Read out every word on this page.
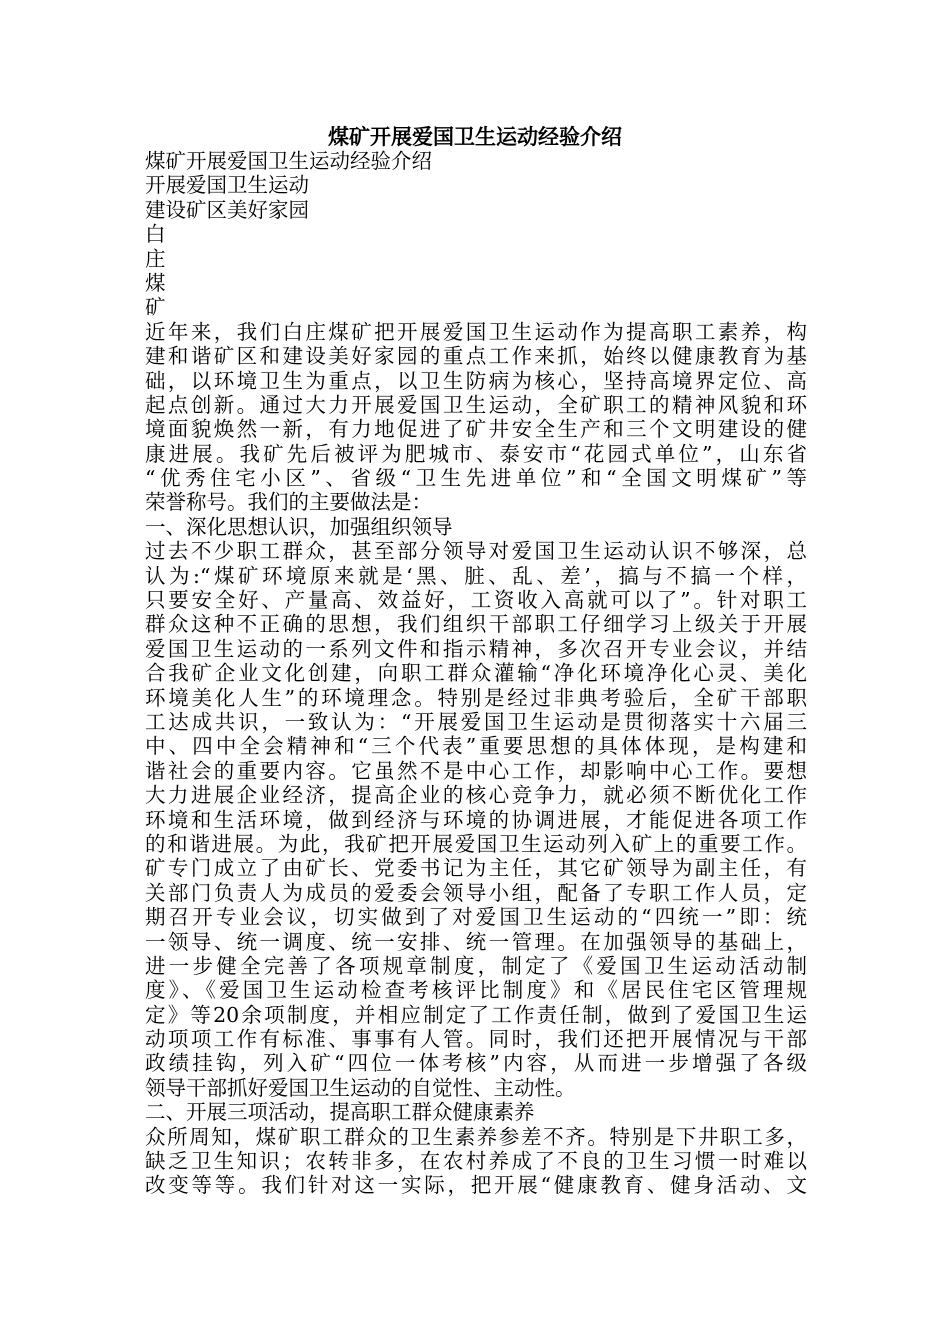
煤矿开展爱国卫生运动经验介绍
煤矿开展爱国卫生运动经验介绍
开展爱国卫生运动
建设矿区美好家园
白
庄
煤
矿
近年来，我们白庄煤矿把开展爱国卫生运动作为提高职工素养，构
建和谐矿区和建设美好家园的重点工作来抓，始终以健康教育为基
础，以环境卫生为重点，以卫生防病为核心，坚持高境界定位、高
起点创新。通过大力开展爱国卫生运动，全矿职工的精神风貌和环
境面貌焕然一新，有力地促进了矿井安全生产和三个文明建设的健
康进展。我矿先后被评为肥城市、泰安市“花园式单位”，山东省
“优秀住宅小区”、省级“卫生先进单位”和“全国文明煤矿”等
荣誉称号。我们的主要做法是：
一、深化思想认识，加强组织领导
过去不少职工群众，甚至部分领导对爱国卫生运动认识不够深，总
认为:“煤矿环境原来就是‘黑、脏、乱、差’，搞与不搞一个样，
只要安全好、产量高、效益好，工资收入高就可以了”。针对职工
群众这种不正确的思想，我们组织干部职工仔细学习上级关于开展
爱国卫生运动的一系列文件和指示精神，多次召开专业会议，并结
合我矿企业文化创建，向职工群众灌输“净化环境净化心灵、美化
环境美化人生”的环境理念。特别是经过非典考验后，全矿干部职
工达成共识，一致认为：“开展爱国卫生运动是贯彻落实十六届三
中、四中全会精神和“三个代表”重要思想的具体体现，是构建和
谐社会的重要内容。它虽然不是中心工作，却影响中心工作。要想
大力进展企业经济，提高企业的核心竞争力，就必须不断优化工作
环境和生活环境，做到经济与环境的协调进展，才能促进各项工作
的和谐进展。为此，我矿把开展爱国卫生运动列入矿上的重要工作。
矿专门成立了由矿长、党委书记为主任，其它矿领导为副主任，有
关部门负责人为成员的爱委会领导小组，配备了专职工作人员，定
期召开专业会议，切实做到了对爱国卫生运动的“四统一”即：统
一领导、统一调度、统一安排、统一管理。在加强领导的基础上，
进一步健全完善了各项规章制度，制定了《爱国卫生运动活动制
度》、《爱国卫生运动检查考核评比制度》和《居民住宅区管理规
定》等20余项制度，并相应制定了工作责任制，做到了爱国卫生运
动项项工作有标准、事事有人管。同时，我们还把开展情况与干部
政绩挂钩，列入矿“四位一体考核”内容，从而进一步增强了各级
领导干部抓好爱国卫生运动的自觉性、主动性。
二、开展三项活动，提高职工群众健康素养
众所周知，煤矿职工群众的卫生素养参差不齐。特别是下井职工多，
缺乏卫生知识；农转非多，在农村养成了不良的卫生习惯一时难以
改变等等。我们针对这一实际，把开展“健康教育、健身活动、文
